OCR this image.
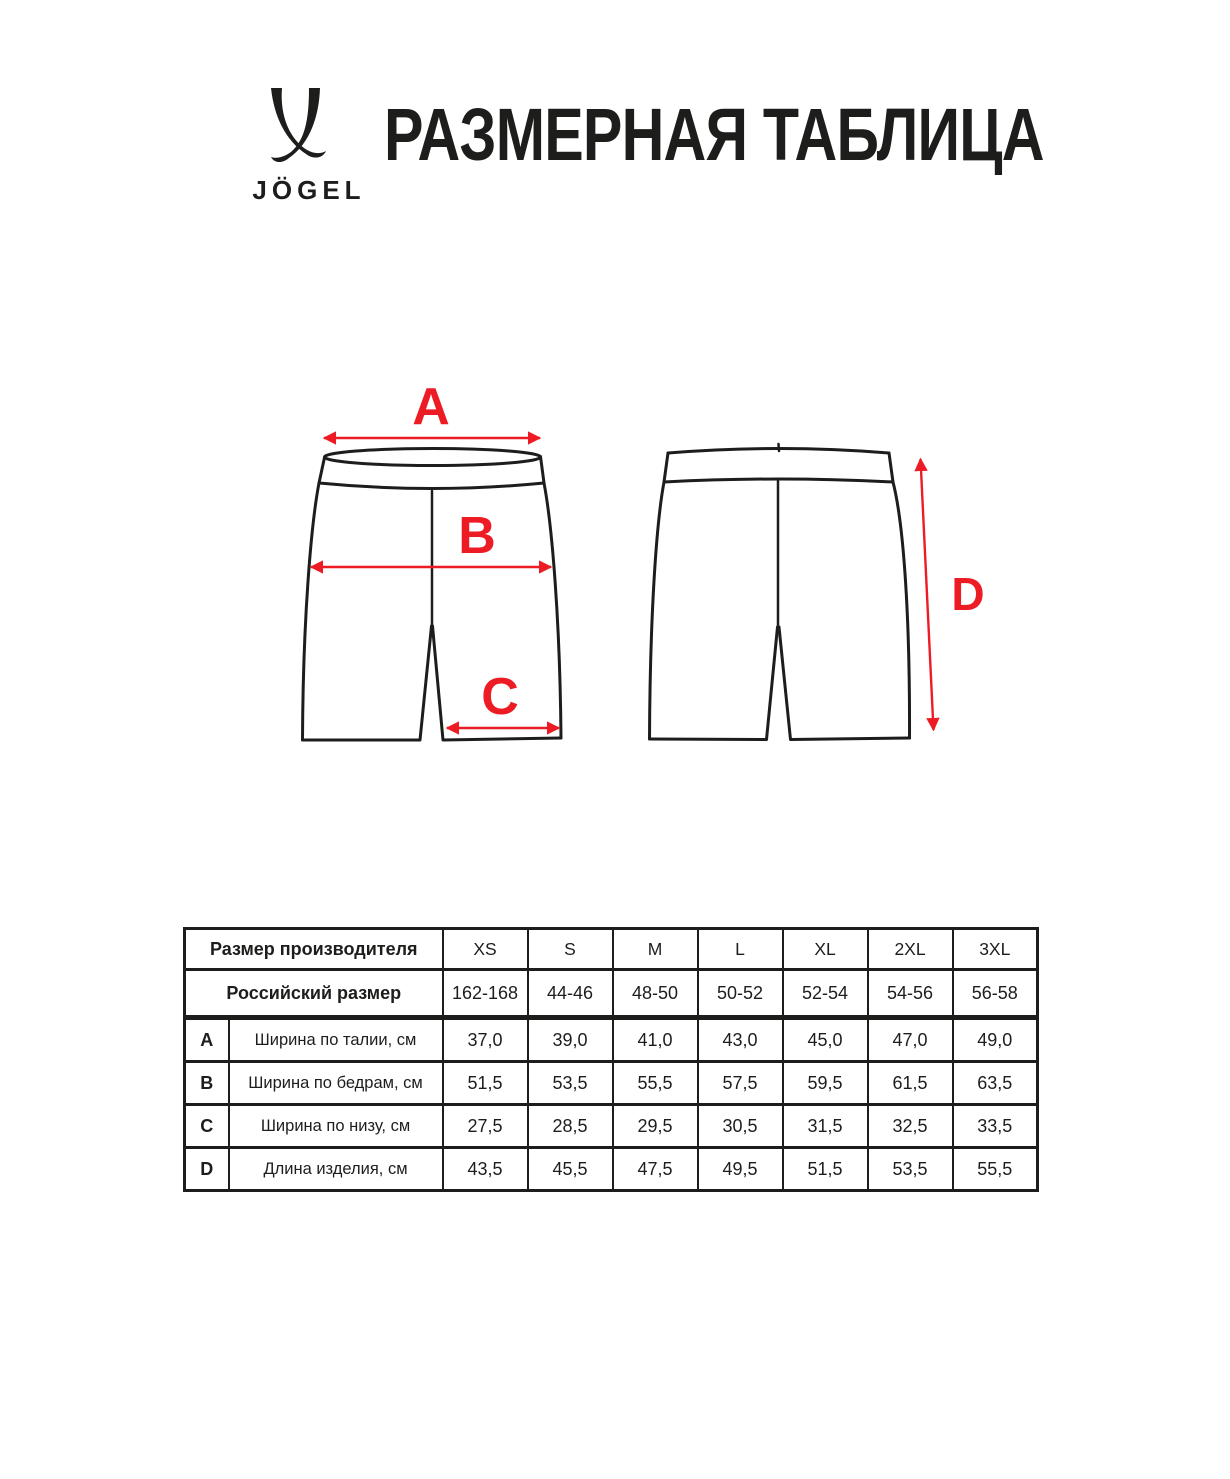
JÖGEL
РАЗМЕРНАЯ ТАБЛИЦА
A
B
C
D
Размер производителя		XS	S	M	L	XL	2XL	3XL
Российский размер		162-168	44-46	48-50	50-52	52-54	54-56	56-58
A	Ширина по талии, см	37,0	39,0	41,0	43,0	45,0	47,0	49,0
B	Ширина по бедрам, см	51,5	53,5	55,5	57,5	59,5	61,5	63,5
C	Ширина по низу, см	27,5	28,5	29,5	30,5	31,5	32,5	33,5
D	Длина изделия, см	43,5	45,5	47,5	49,5	51,5	53,5	55,5
